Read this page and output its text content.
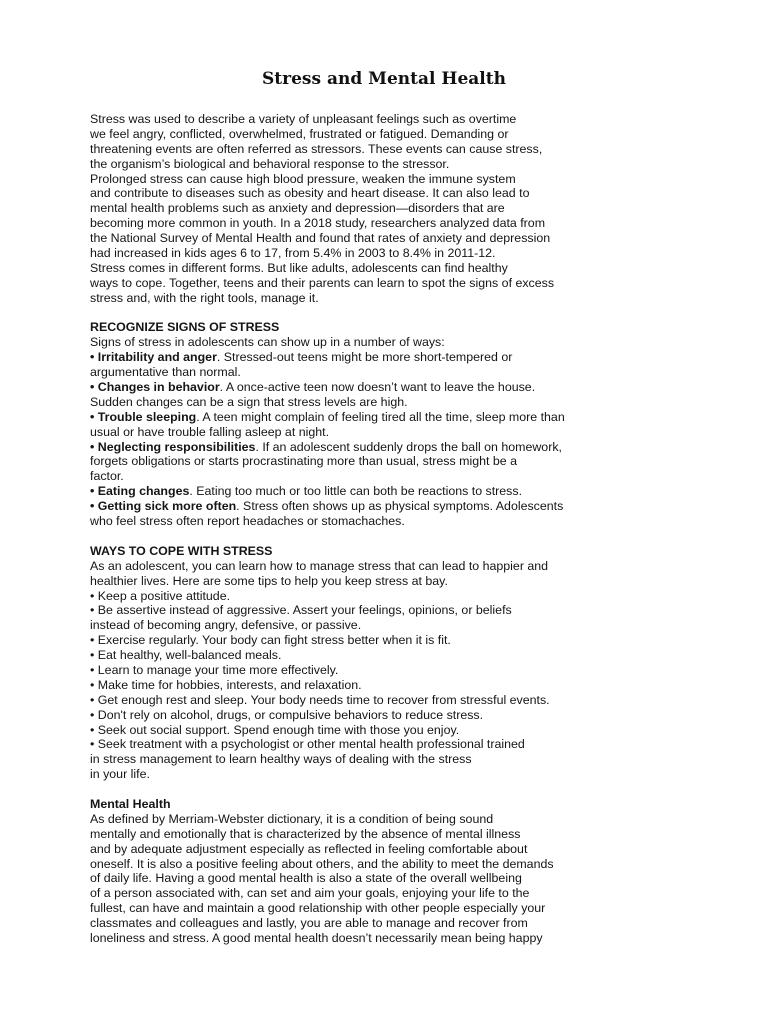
Stress and Mental Health
Stress was used to describe a variety of unpleasant feelings such as overtime
we feel angry, conflicted, overwhelmed, frustrated or fatigued. Demanding or
threatening events are often referred as stressors. These events can cause stress,
the organism’s biological and behavioral response to the stressor.
Prolonged stress can cause high blood pressure, weaken the immune system
and contribute to diseases such as obesity and heart disease. It can also lead to
mental health problems such as anxiety and depression—disorders that are
becoming more common in youth. In a 2018 study, researchers analyzed data from
the National Survey of Mental Health and found that rates of anxiety and depression
had increased in kids ages 6 to 17, from 5.4% in 2003 to 8.4% in 2011-12.
Stress comes in different forms. But like adults, adolescents can find healthy
ways to cope. Together, teens and their parents can learn to spot the signs of excess
stress and, with the right tools, manage it.
RECOGNIZE SIGNS OF STRESS
Signs of stress in adolescents can show up in a number of ways:
• Irritability and anger. Stressed-out teens might be more short-tempered or
argumentative than normal.
• Changes in behavior. A once-active teen now doesn’t want to leave the house.
Sudden changes can be a sign that stress levels are high.
• Trouble sleeping. A teen might complain of feeling tired all the time, sleep more than
usual or have trouble falling asleep at night.
• Neglecting responsibilities. If an adolescent suddenly drops the ball on homework,
forgets obligations or starts procrastinating more than usual, stress might be a
factor.
• Eating changes. Eating too much or too little can both be reactions to stress.
• Getting sick more often. Stress often shows up as physical symptoms. Adolescents
who feel stress often report headaches or stomachaches.
WAYS TO COPE WITH STRESS
As an adolescent, you can learn how to manage stress that can lead to happier and
healthier lives. Here are some tips to help you keep stress at bay.
• Keep a positive attitude.
• Be assertive instead of aggressive. Assert your feelings, opinions, or beliefs
instead of becoming angry, defensive, or passive.
• Exercise regularly. Your body can fight stress better when it is fit.
• Eat healthy, well-balanced meals.
• Learn to manage your time more effectively.
• Make time for hobbies, interests, and relaxation.
• Get enough rest and sleep. Your body needs time to recover from stressful events.
• Don't rely on alcohol, drugs, or compulsive behaviors to reduce stress.
• Seek out social support. Spend enough time with those you enjoy.
• Seek treatment with a psychologist or other mental health professional trained
in stress management to learn healthy ways of dealing with the stress
in your life.
Mental Health
As defined by Merriam-Webster dictionary, it is a condition of being sound
mentally and emotionally that is characterized by the absence of mental illness
and by adequate adjustment especially as reflected in feeling comfortable about
oneself. It is also a positive feeling about others, and the ability to meet the demands
of daily life. Having a good mental health is also a state of the overall wellbeing
of a person associated with, can set and aim your goals, enjoying your life to the
fullest, can have and maintain a good relationship with other people especially your
classmates and colleagues and lastly, you are able to manage and recover from
loneliness and stress. A good mental health doesn’t necessarily mean being happy
